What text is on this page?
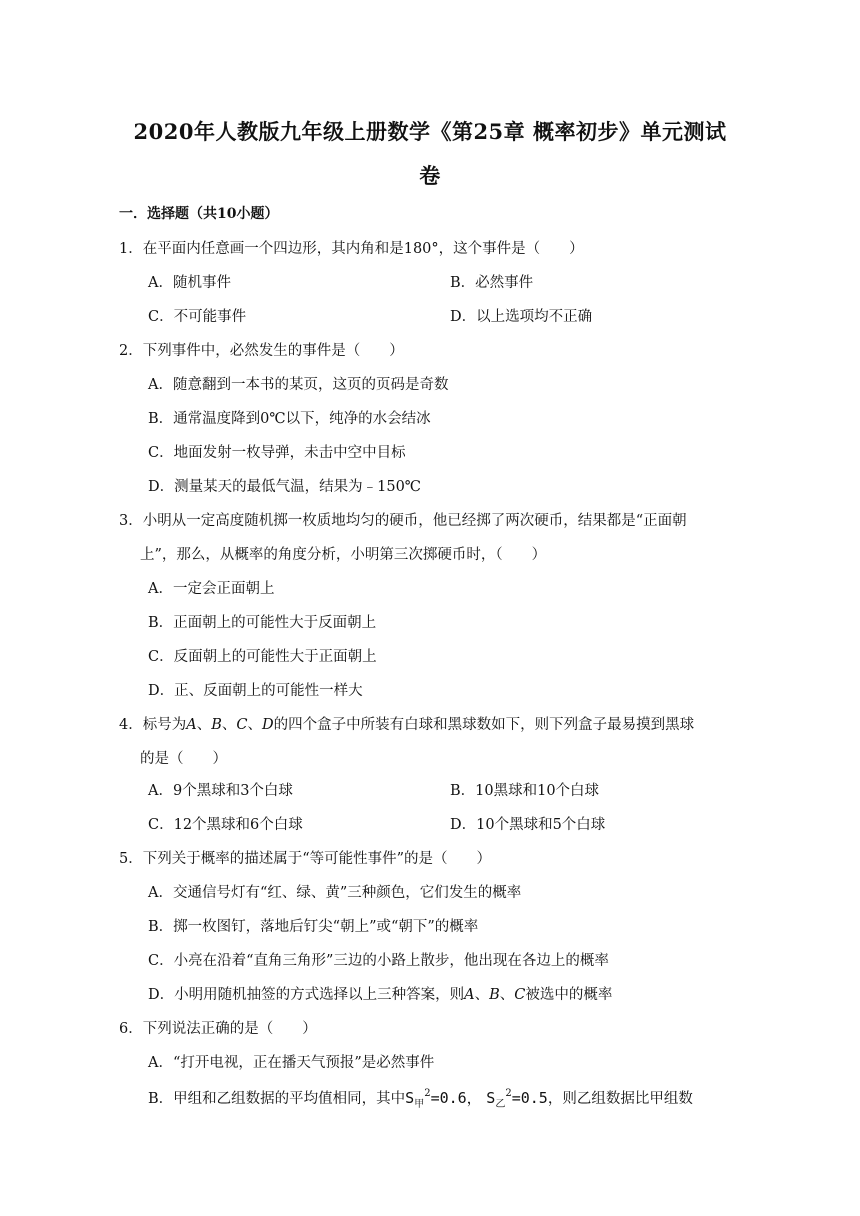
2020年人教版九年级上册数学《第25章 概率初步》单元测试
卷
一．选择题（共10小题）
1．在平面内任意画一个四边形，其内角和是180°，这个事件是（　　）
A．随机事件	B．必然事件
C．不可能事件	D．以上选项均不正确
2．下列事件中，必然发生的事件是（　　）
A．随意翻到一本书的某页，这页的页码是奇数
B．通常温度降到0℃以下，纯净的水会结冰
C．地面发射一枚导弹，未击中空中目标
D．测量某天的最低气温，结果为﹣150℃
3．小明从一定高度随机掷一枚质地均匀的硬币，他已经掷了两次硬币，结果都是“正面朝
上”，那么，从概率的角度分析，小明第三次掷硬币时，（　　）
A．一定会正面朝上
B．正面朝上的可能性大于反面朝上
C．反面朝上的可能性大于正面朝上
D．正、反面朝上的可能性一样大
4．标号为A、B、C、D的四个盒子中所装有白球和黑球数如下，则下列盒子最易摸到黑球
的是（　　）
A．9个黑球和3个白球	B．10黑球和10个白球
C．12个黑球和6个白球	D．10个黑球和5个白球
5．下列关于概率的描述属于“等可能性事件”的是（　　）
A．交通信号灯有“红、绿、黄”三种颜色，它们发生的概率
B．掷一枚图钉，落地后钉尖“朝上”或“朝下”的概率
C．小亮在沿着“直角三角形”三边的小路上散步，他出现在各边上的概率
D．小明用随机抽签的方式选择以上三种答案，则A、B、C被选中的概率
6．下列说法正确的是（　　）
A．“打开电视，正在播天气预报”是必然事件
B．甲组和乙组数据的平均值相同，其中$S_甲^2=0.6$， $S_乙^2=0.5$，则乙组数据比甲组数
